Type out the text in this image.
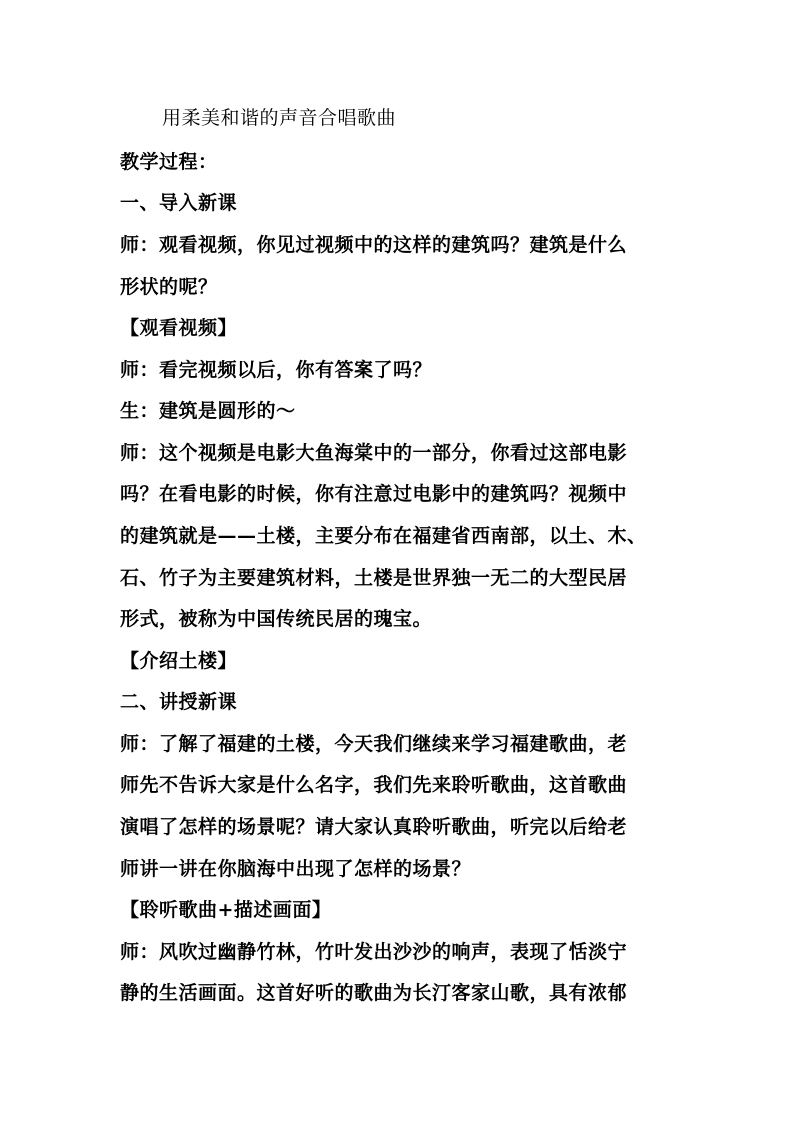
用柔美和谐的声音合唱歌曲
教学过程：
一、导入新课
师：观看视频，你见过视频中的这样的建筑吗？建筑是什么
形状的呢？
【观看视频】
师：看完视频以后，你有答案了吗？
生：建筑是圆形的～
师：这个视频是电影大鱼海棠中的一部分，你看过这部电影
吗？在看电影的时候，你有注意过电影中的建筑吗？视频中
的建筑就是——土楼，主要分布在福建省西南部，以土、木、
石、竹子为主要建筑材料，土楼是世界独一无二的大型民居
形式，被称为中国传统民居的瑰宝。
【介绍土楼】
二、讲授新课
师：了解了福建的土楼，今天我们继续来学习福建歌曲，老
师先不告诉大家是什么名字，我们先来聆听歌曲，这首歌曲
演唱了怎样的场景呢？请大家认真聆听歌曲，听完以后给老
师讲一讲在你脑海中出现了怎样的场景？
【聆听歌曲+描述画面】
师：风吹过幽静竹林，竹叶发出沙沙的响声，表现了恬淡宁
静的生活画面。这首好听的歌曲为长汀客家山歌，具有浓郁
